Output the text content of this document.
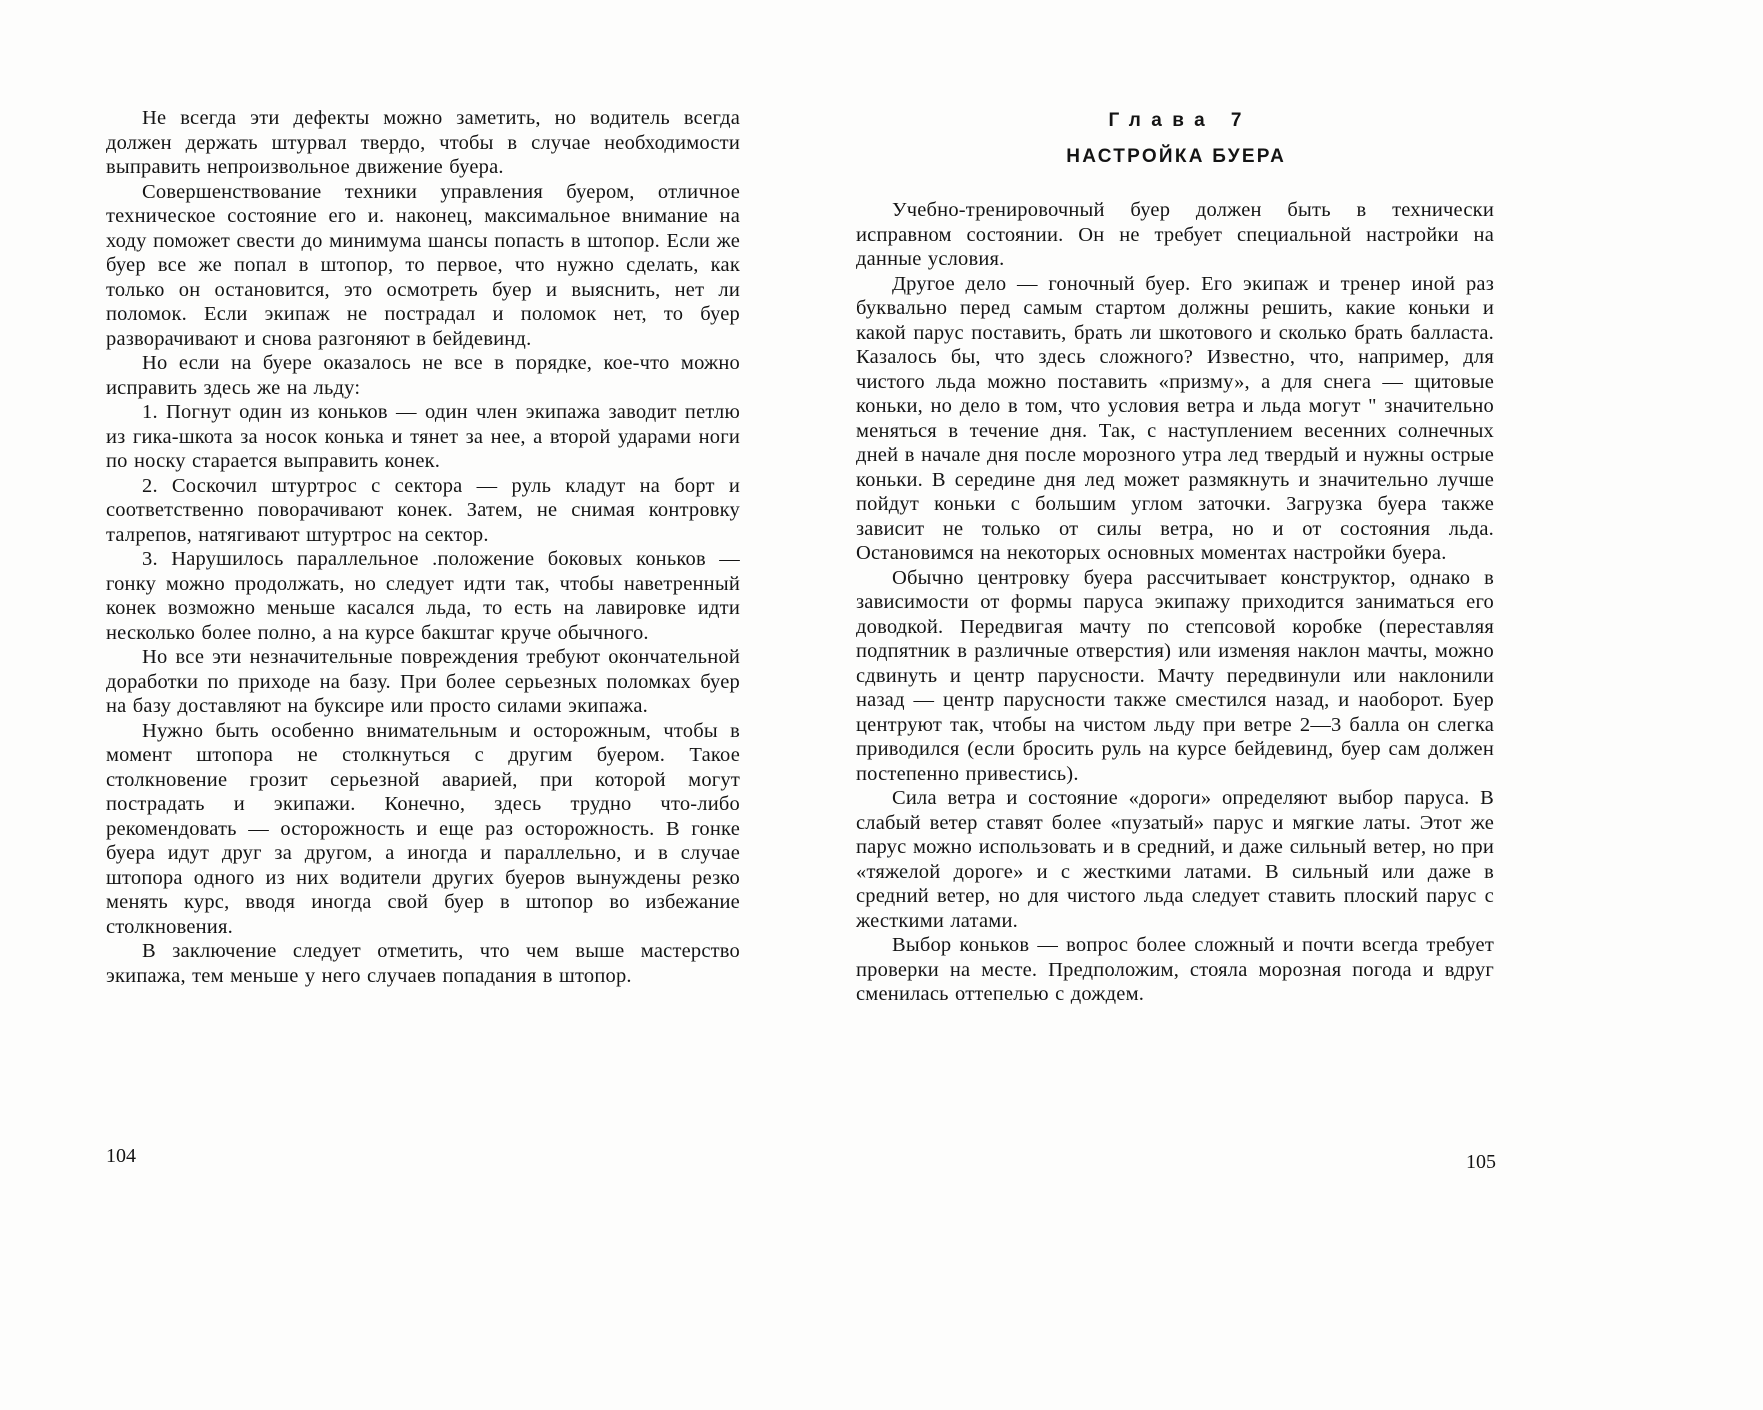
Не всегда эти дефекты можно заметить, но водитель всегда должен держать штурвал твердо, чтобы в случае необходимости выправить непроизвольное движение буера.

Совершенствование техники управления буером, отличное техническое состояние его и. наконец, максимальное внимание на ходу поможет свести до минимума шансы попасть в штопор. Если же буер все же попал в штопор, то первое, что нужно сделать, как только он остановится, это осмотреть буер и выяснить, нет ли поломок. Если экипаж не пострадал и поломок нет, то буер разворачивают и снова разгоняют в бейдевинд.

Но если на буере оказалось не все в порядке, кое-что можно исправить здесь же на льду:

1. Погнут один из коньков — один член экипажа заводит петлю из гика-шкота за носок конька и тянет за нее, а второй ударами ноги по носку старается выправить конек.

2. Соскочил штуртрос с сектора — руль кладут на борт и соответственно поворачивают конек. Затем, не снимая контровку талрепов, натягивают штуртрос на сектор.

3. Нарушилось параллельное .положение боковых коньков — гонку можно продолжать, но следует идти так, чтобы наветренный конек возможно меньше касался льда, то есть на лавировке идти несколько более полно, а на курсе бакштаг круче обычного.

Но все эти незначительные повреждения требуют окончательной доработки по приходе на базу. При более серьезных поломках буер на базу доставляют на буксире или просто силами экипажа.

Нужно быть особенно внимательным и осторожным, чтобы в момент штопора не столкнуться с другим буером. Такое столкновение грозит серьезной аварией, при которой могут пострадать и экипажи. Конечно, здесь трудно что-либо рекомендовать — осторожность и еще раз осторожность. В гонке буера идут друг за другом, а иногда и параллельно, и в случае штопора одного из них водители других буеров вынуждены резко менять курс, вводя иногда свой буер в штопор во избежание столкновения.

В заключение следует отметить, что чем выше мастерство экипажа, тем меньше у него случаев попадания в штопор.

Глава 7
НАСТРОЙКА БУЕРА

Учебно-тренировочный буер должен быть в технически исправном состоянии. Он не требует специальной настройки на данные условия.

Другое дело — гоночный буер. Его экипаж и тренер иной раз буквально перед самым стартом должны решить, какие коньки и какой парус поставить, брать ли шкотового и сколько брать балласта. Казалось бы, что здесь сложного? Известно, что, например, для чистого льда можно поставить «призму», а для снега — щитовые коньки, но дело в том, что условия ветра и льда могут " значительно меняться в течение дня. Так, с наступлением весенних солнечных дней в начале дня после морозного утра лед твердый и нужны острые коньки. В середине дня лед может размякнуть и значительно лучше пойдут коньки с большим углом заточки. Загрузка буера также зависит не только от силы ветра, но и от состояния льда. Остановимся на некоторых основных моментах настройки буера.

Обычно центровку буера рассчитывает конструктор, однако в зависимости от формы паруса экипажу приходится заниматься его доводкой. Передвигая мачту по степсовой коробке (переставляя подпятник в различные отверстия) или изменяя наклон мачты, можно сдвинуть и центр парусности. Мачту передвинули или наклонили назад — центр парусности также сместился назад, и наоборот. Буер центруют так, чтобы на чистом льду при ветре 2—3 балла он слегка приводился (если бросить руль на курсе бейдевинд, буер сам должен постепенно привестись).

Сила ветра и состояние «дороги» определяют выбор паруса. В слабый ветер ставят более «пузатый» парус и мягкие латы. Этот же парус можно использовать и в средний, и даже сильный ветер, но при «тяжелой дороге» и с жесткими латами. В сильный или даже в средний ветер, но для чистого льда следует ставить плоский парус с жесткими латами.

Выбор коньков — вопрос более сложный и почти всегда требует проверки на месте. Предположим, стояла морозная погода и вдруг сменилась оттепелью с дождем.

104	105
